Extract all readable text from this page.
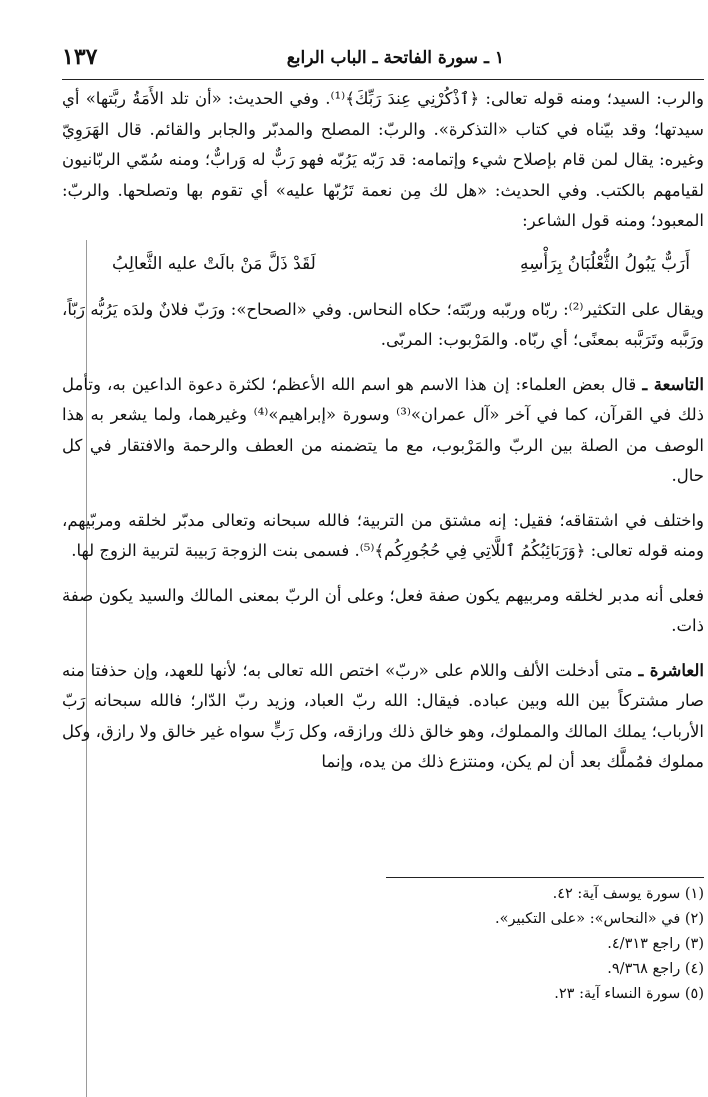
١ ـ سورة الفاتحة ـ الباب الرابع
١٣٧

والرب: السيد؛ ومنه قوله تعالى: ﴿ٱذْكُرْنِي عِندَ رَبِّكَ﴾⁽¹⁾. وفي الحديث: «أن تلد الأَمَةُ ربَّتها» أي سيدتها؛ وقد بيّناه في كتاب «التذكرة». والربّ: المصلح والمدبّر والجابر والقائم. قال الهَرَوِيّ وغيره: يقال لمن قام بإصلاح شيء وإتمامه: قد رَبّه يَرُبّه فهو رَبٌّ له وَرابٌّ؛ ومنه سُمّي الربّانيون لقيامهم بالكتب. وفي الحديث: «هل لك مِن نعمة تَرُبّها عليه» أي تقوم بها وتصلحها. والربّ: المعبود؛ ومنه قول الشاعر:

أَرَبٌّ يَبُولُ الثُّعْلُبَانُ بِرَأْسِهِ
لَقَدْ ذَلَّ مَنْ بالَتْ عليه الثَّعالِبُ

ويقال على التكثير⁽²⁾: ربّاه وربّبه وربّتَه؛ حكاه النحاس. وفي «الصحاح»: ورَبّ فلانٌ ولدَه يَرُبُّه رَبّاً، ورَبَّبه وتَرَبَّبه بمعنًى؛ أي ربّاه. والمَرْبوب: المربّى.

التاسعة ـ قال بعض العلماء: إن هذا الاسم هو اسم الله الأعظم؛ لكثرة دعوة الداعين به، وتأمل ذلك في القرآن، كما في آخر «آل عمران»⁽³⁾ وسورة «إبراهيم»⁽⁴⁾ وغيرهما، ولما يشعر به هذا الوصف من الصلة بين الربّ والمَرْبوب، مع ما يتضمنه من العطف والرحمة والافتقار في كل حال.

واختلف في اشتقاقه؛ فقيل: إنه مشتق من التربية؛ فالله سبحانه وتعالى مدبّر لخلقه ومربّيهم، ومنه قوله تعالى: ﴿وَرَبَائِبُكُمُ ٱللَّاتِي فِي حُجُورِكُم﴾⁽⁵⁾. فسمى بنت الزوجة رَبيبة لتربية الزوج لها.

فعلى أنه مدبر لخلقه ومربيهم يكون صفة فعل؛ وعلى أن الربّ بمعنى المالك والسيد يكون صفة ذات.

العاشرة ـ متى أدخلت الألف واللام على «ربّ» اختص الله تعالى به؛ لأنها للعهد، وإن حذفتا منه صار مشتركاً بين الله وبين عباده. فيقال: الله ربّ العباد، وزيد ربّ الدّار؛ فالله سبحانه رَبّ الأرباب؛ يملك المالك والمملوك، وهو خالق ذلك ورازقه، وكل رَبٍّ سواه غير خالق ولا رازق، وكل مملوك فمُملَّك بعد أن لم يكن، ومنتزع ذلك من يده، وإنما

(١) سورة يوسف آية: ٤٢.
(٢) في «النحاس»: «على التكبير».
(٣) راجع ٤/٣١٣.
(٤) راجع ٩/٣٦٨.
(٥) سورة النساء آية: ٢٣.
